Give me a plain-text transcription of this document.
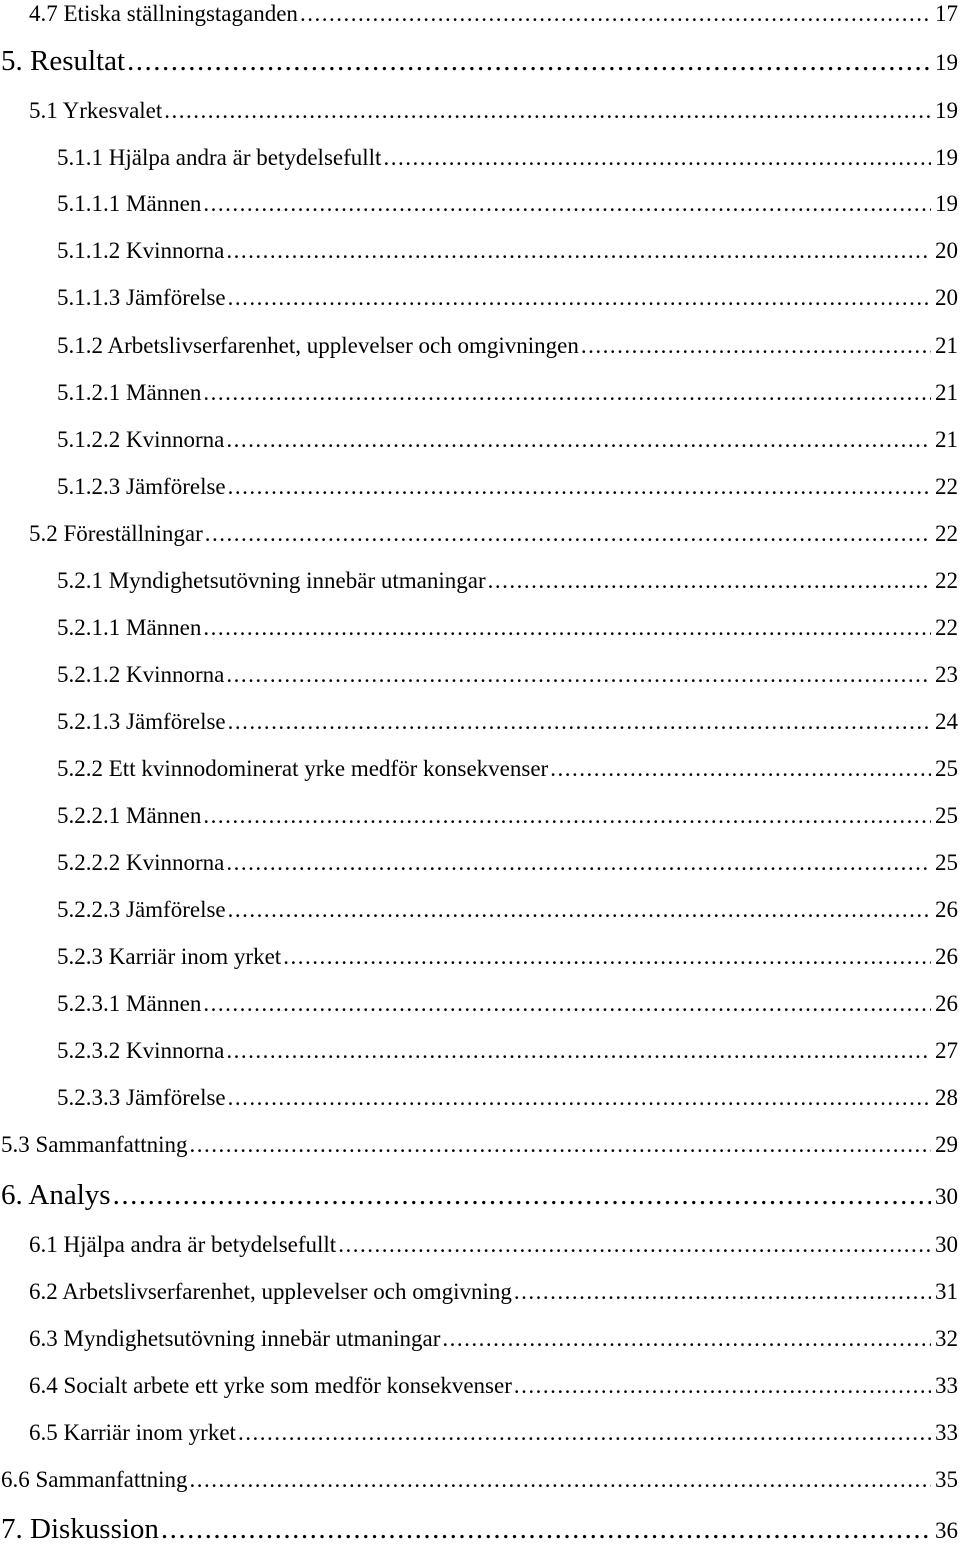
4.7 Etiska ställningstaganden .....	17
5. Resultat .....	19
5.1 Yrkesvalet .....	19
5.1.1 Hjälpa andra är betydelsefullt .....	19
5.1.1.1 Männen .....	19
5.1.1.2 Kvinnorna .....	20
5.1.1.3 Jämförelse .....	20
5.1.2 Arbetslivserfarenhet, upplevelser och omgivningen .....	21
5.1.2.1 Männen .....	21
5.1.2.2 Kvinnorna .....	21
5.1.2.3 Jämförelse .....	22
5.2 Föreställningar .....	22
5.2.1 Myndighetsutövning innebär utmaningar .....	22
5.2.1.1 Männen .....	22
5.2.1.2 Kvinnorna .....	23
5.2.1.3 Jämförelse .....	24
5.2.2 Ett kvinnodominerat yrke medför konsekvenser .....	25
5.2.2.1 Männen .....	25
5.2.2.2 Kvinnorna .....	25
5.2.2.3 Jämförelse .....	26
5.2.3 Karriär inom yrket .....	26
5.2.3.1 Männen .....	26
5.2.3.2 Kvinnorna .....	27
5.2.3.3 Jämförelse .....	28
5.3 Sammanfattning .....	29
6. Analys .....	30
6.1 Hjälpa andra är betydelsefullt .....	30
6.2 Arbetslivserfarenhet, upplevelser och omgivning .....	31
6.3 Myndighetsutövning innebär utmaningar .....	32
6.4 Socialt arbete ett yrke som medför konsekvenser .....	33
6.5 Karriär inom yrket .....	33
6.6 Sammanfattning .....	35
7. Diskussion .....	36
